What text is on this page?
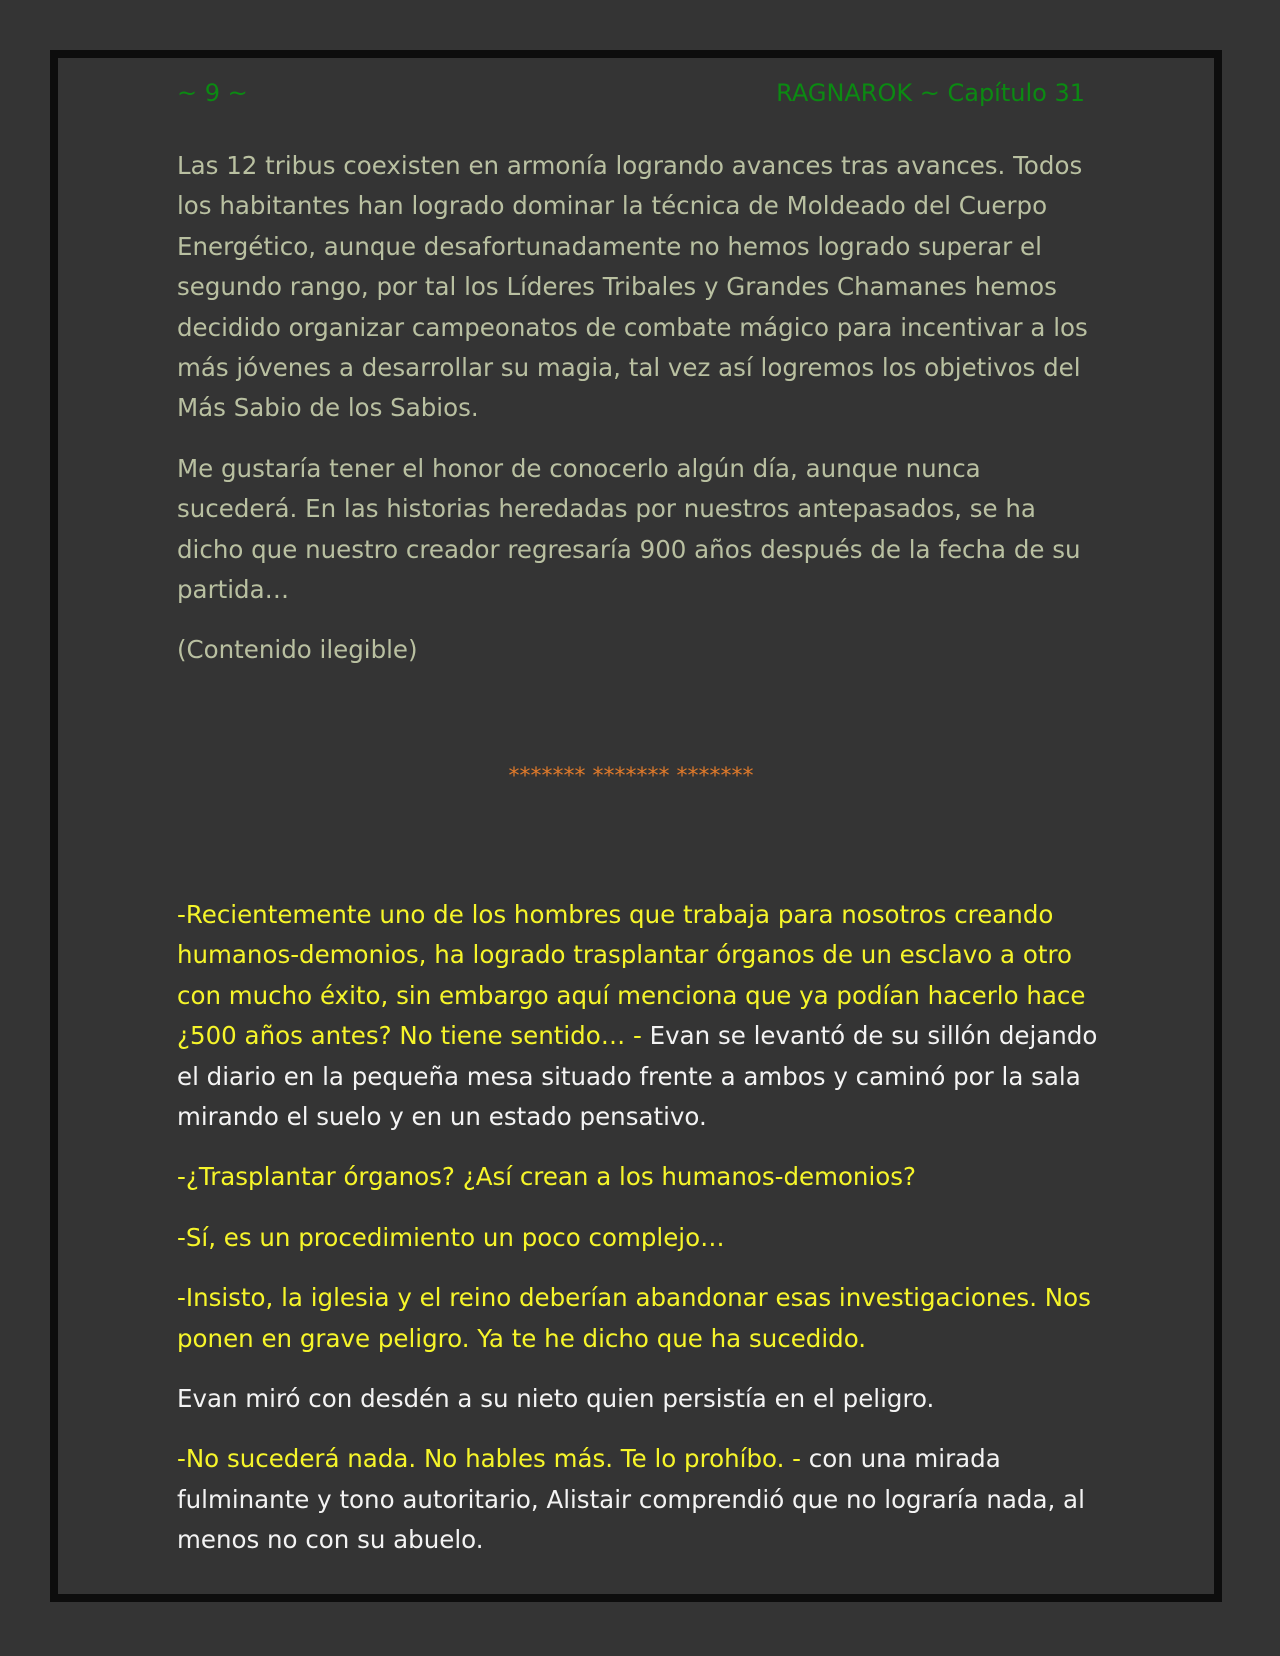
~ 9 ~	RAGNAROK ~ Capítulo 31

Las 12 tribus coexisten en armonía logrando avances tras avances. Todos los habitantes han logrado dominar la técnica de Moldeado del Cuerpo Energético, aunque desafortunadamente no hemos logrado superar el segundo rango, por tal los Líderes Tribales y Grandes Chamanes hemos decidido organizar campeonatos de combate mágico para incentivar a los más jóvenes a desarrollar su magia, tal vez así logremos los objetivos del Más Sabio de los Sabios.

Me gustaría tener el honor de conocerlo algún día, aunque nunca sucederá. En las historias heredadas por nuestros antepasados, se ha dicho que nuestro creador regresaría 900 años después de la fecha de su partida…

(Contenido ilegible)

******* ******* *******

-Recientemente uno de los hombres que trabaja para nosotros creando humanos-demonios, ha logrado trasplantar órganos de un esclavo a otro con mucho éxito, sin embargo aquí menciona que ya podían hacerlo hace ¿500 años antes? No tiene sentido… - Evan se levantó de su sillón dejando el diario en la pequeña mesa situado frente a ambos y caminó por la sala mirando el suelo y en un estado pensativo.

-¿Trasplantar órganos? ¿Así crean a los humanos-demonios?

-Sí, es un procedimiento un poco complejo…

-Insisto, la iglesia y el reino deberían abandonar esas investigaciones. Nos ponen en grave peligro. Ya te he dicho que ha sucedido.

Evan miró con desdén a su nieto quien persistía en el peligro.

-No sucederá nada. No hables más. Te lo prohíbo. - con una mirada fulminante y tono autoritario, Alistair comprendió que no lograría nada, al menos no con su abuelo.
